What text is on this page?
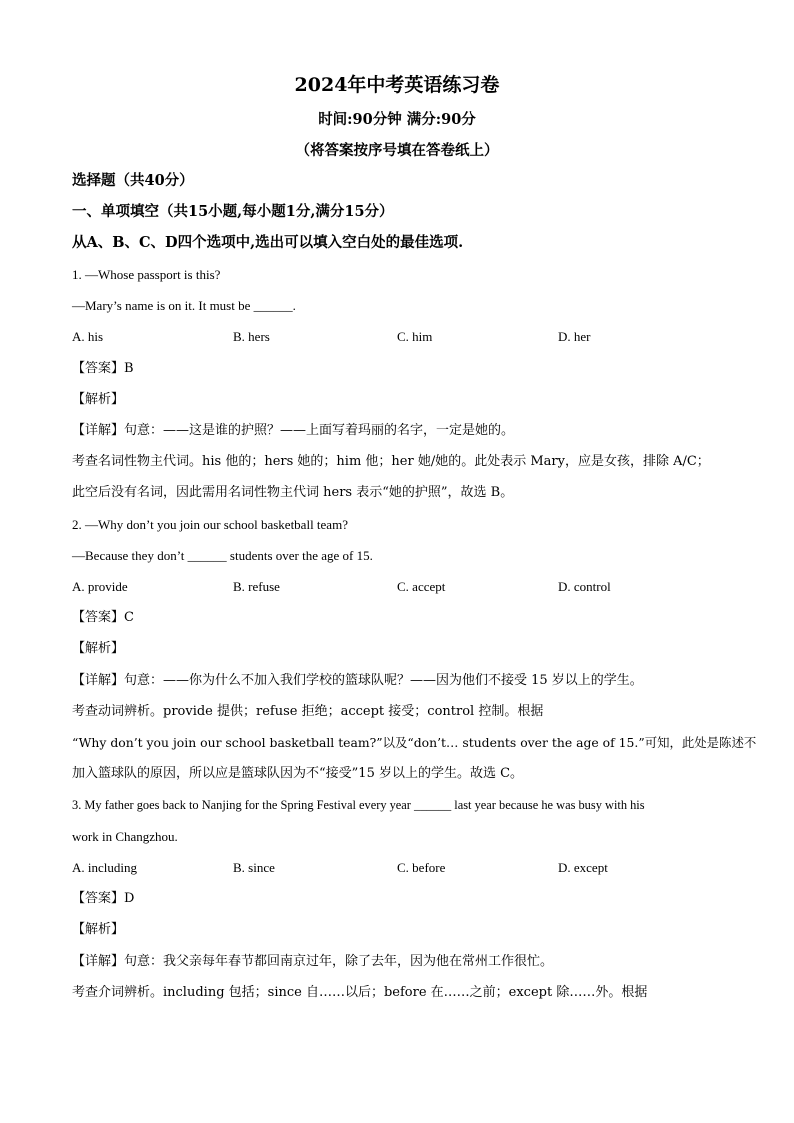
2024年中考英语练习卷
时间:90分钟 满分:90分
（将答案按序号填在答卷纸上）
选择题（共40分）
一、单项填空（共15小题,每小题1分,满分15分）
从A、B、C、D四个选项中,选出可以填入空白处的最佳选项.
1. —Whose passport is this?
—Mary’s name is on it. It must be ______.
A. his	B. hers	C. him	D. her
【答案】B
【解析】
【详解】句意：——这是谁的护照？——上面写着玛丽的名字，一定是她的。
考查名词性物主代词。his 他的；hers 她的；him 他；her 她/她的。此处表示 Mary，应是女孩，排除 A/C；
此空后没有名词，因此需用名词性物主代词 hers 表示“她的护照”，故选 B。
2. —Why don’t you join our school basketball team?
—Because they don’t ______ students over the age of 15.
A. provide	B. refuse	C. accept	D. control
【答案】C
【解析】
【详解】句意：——你为什么不加入我们学校的篮球队呢？——因为他们不接受 15 岁以上的学生。
考查动词辨析。provide 提供；refuse 拒绝；accept 接受；control 控制。根据
“Why don’t you join our school basketball team?”以及“don’t… students over the age of 15.”可知，此处是陈述不
加入篮球队的原因，所以应是篮球队因为不“接受”15 岁以上的学生。故选 C。
3. My father goes back to Nanjing for the Spring Festival every year ______ last year because he was busy with his
work in Changzhou.
A. including	B. since	C. before	D. except
【答案】D
【解析】
【详解】句意：我父亲每年春节都回南京过年，除了去年，因为他在常州工作很忙。
考查介词辨析。including 包括；since 自……以后；before 在……之前；except 除……外。根据
